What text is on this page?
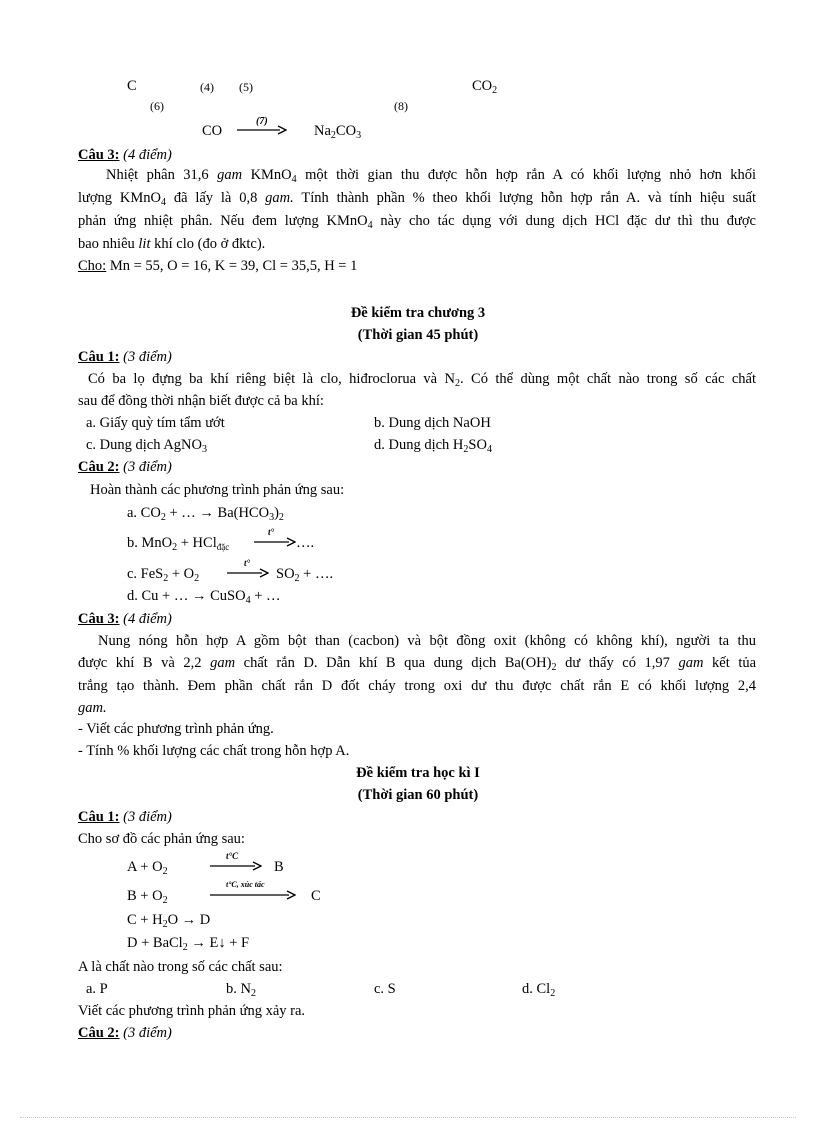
C	(4) (5)	$CO_2$
(6)	(8)
CO
(7)
$Na_2CO_3$
Câu 3: (4 điểm)
Nhiệt phân 31,6 gam KMnO$_4$ một thời gian thu được hỗn hợp rắn A có khối lượng nhỏ hơn khối
lượng KMnO$_4$ đã lấy là 0,8 gam. Tính thành phần % theo khối lượng hỗn hợp rắn A. và tính hiệu suất
phản ứng nhiệt phân. Nếu đem lượng KMnO$_4$ này cho tác dụng với dung dịch HCl đặc dư thì thu được
bao nhiêu lit khí clo (đo ở đktc).
Cho: Mn = 55, O = 16, K = 39, Cl = 35,5, H = 1
Đề kiểm tra chương 3
(Thời gian 45 phút)
Câu 1: (3 điểm)
Có ba lọ đựng ba khí riêng biệt là clo, hiđroclorua và $N_2$. Có thể dùng một chất nào trong số các chất
sau để đồng thời nhận biết được cả ba khí:
a. Giấy quỳ tím tẩm ướt	b. Dung dịch NaOH
c. Dung dịch AgNO$_3$	d. Dung dịch $H_2SO_4$
Câu 2: (3 điểm)
Hoàn thành các phương trình phản ứng sau:
a. $CO_2$ + … → $Ba(HCO_3)_2$
b. MnO$_2$ + HCl$_{đặc}$
t°
….
c. $FeS_2 + O_2$
t°
$SO_2$ + ….
d. Cu + … → CuSO$_4$ + …
Câu 3: (4 điểm)
Nung nóng hỗn hợp A gồm bột than (cacbon) và bột đồng oxit (không có không khí), người ta thu
được khí B và 2,2 gam chất rắn D. Dẫn khí B qua dung dịch $Ba(OH)_2$ dư thấy có 1,97 gam kết tủa
trắng tạo thành. Đem phần chất rắn D đốt cháy trong oxi dư thu được chất rắn E có khối lượng 2,4
gam.
- Viết các phương trình phản ứng.
- Tính % khối lượng các chất trong hỗn hợp A.
Đề kiểm tra học kì I
(Thời gian 60 phút)
Câu 1: (3 điểm)
Cho sơ đồ các phản ứng sau:
$A + O_2$
t°C
B
$B + O_2$
t°C, xúc tác
C
$C + H_2O \to D$
D + BaCl$_2$ → E↓ + F
A là chất nào trong số các chất sau:
a. P	b. $N_2$	c. S	d. $Cl_2$
Viết các phương trình phản ứng xảy ra.
Câu 2: (3 điểm)
